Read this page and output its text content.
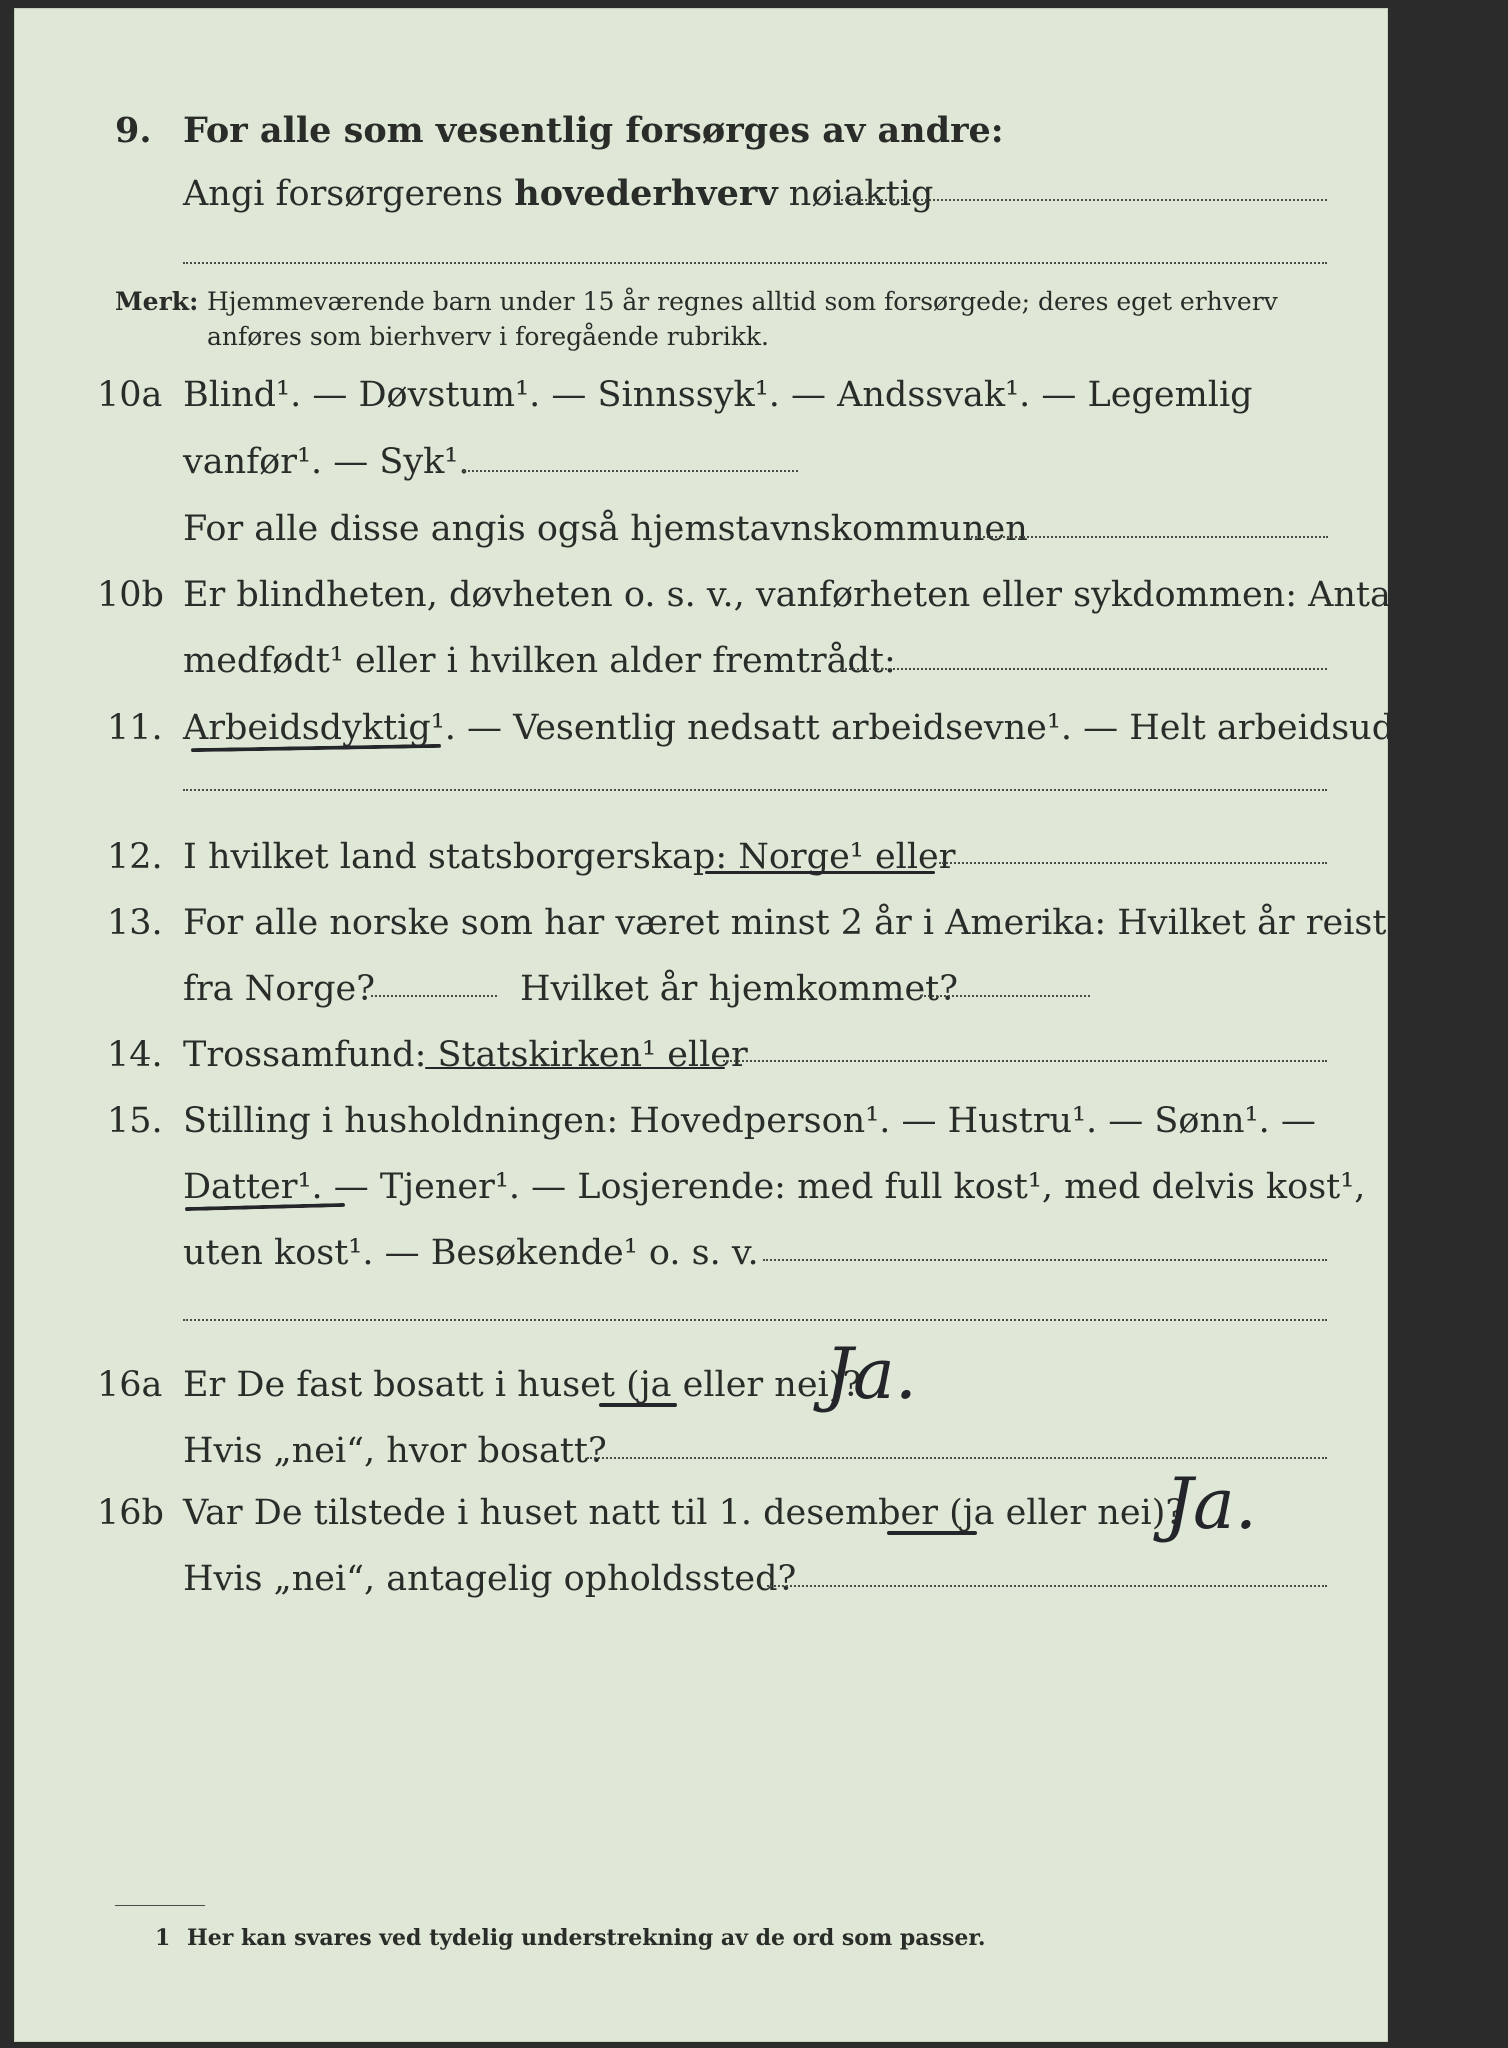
9. For alle som vesentlig forsørges av andre:
Angi forsørgerens hovederhverv nøiaktig
Merk: Hjemmeværende barn under 15 år regnes alltid som forsørgede; deres eget erhverv
anføres som bierhverv i foregående rubrikk.
10a Blind¹. — Døvstum¹. — Sinnssyk¹. — Andssvak¹. — Legemlig
vanfør¹. — Syk¹.
For alle disse angis også hjemstavnskommunen
10b Er blindheten, døvheten o. s. v., vanførheten eller sykdommen: Antagelig
medfødt¹ eller i hvilken alder fremtrådt:
11. Arbeidsdyktig¹. — Vesentlig nedsatt arbeidsevne¹. — Helt arbeidsudyktig¹.
12. I hvilket land statsborgerskap: Norge¹ eller
13. For alle norske som har været minst 2 år i Amerika: Hvilket år reist
fra Norge?	Hvilket år hjemkommet?
14. Trossamfund: Statskirken¹ eller
15. Stilling i husholdningen: Hovedperson¹. — Hustru¹. — Sønn¹. —
Datter¹. — Tjener¹. — Losjerende: med full kost¹, med delvis kost¹,
uten kost¹. — Besøkende¹ o. s. v.
16a Er De fast bosatt i huset (ja eller nei)?
Ja.
Hvis „nei“, hvor bosatt?
16b Var De tilstede i huset natt til 1. desember (ja eller nei)?
Ja.
Hvis „nei“, antagelig opholdssted?
1 Her kan svares ved tydelig understrekning av de ord som passer.
